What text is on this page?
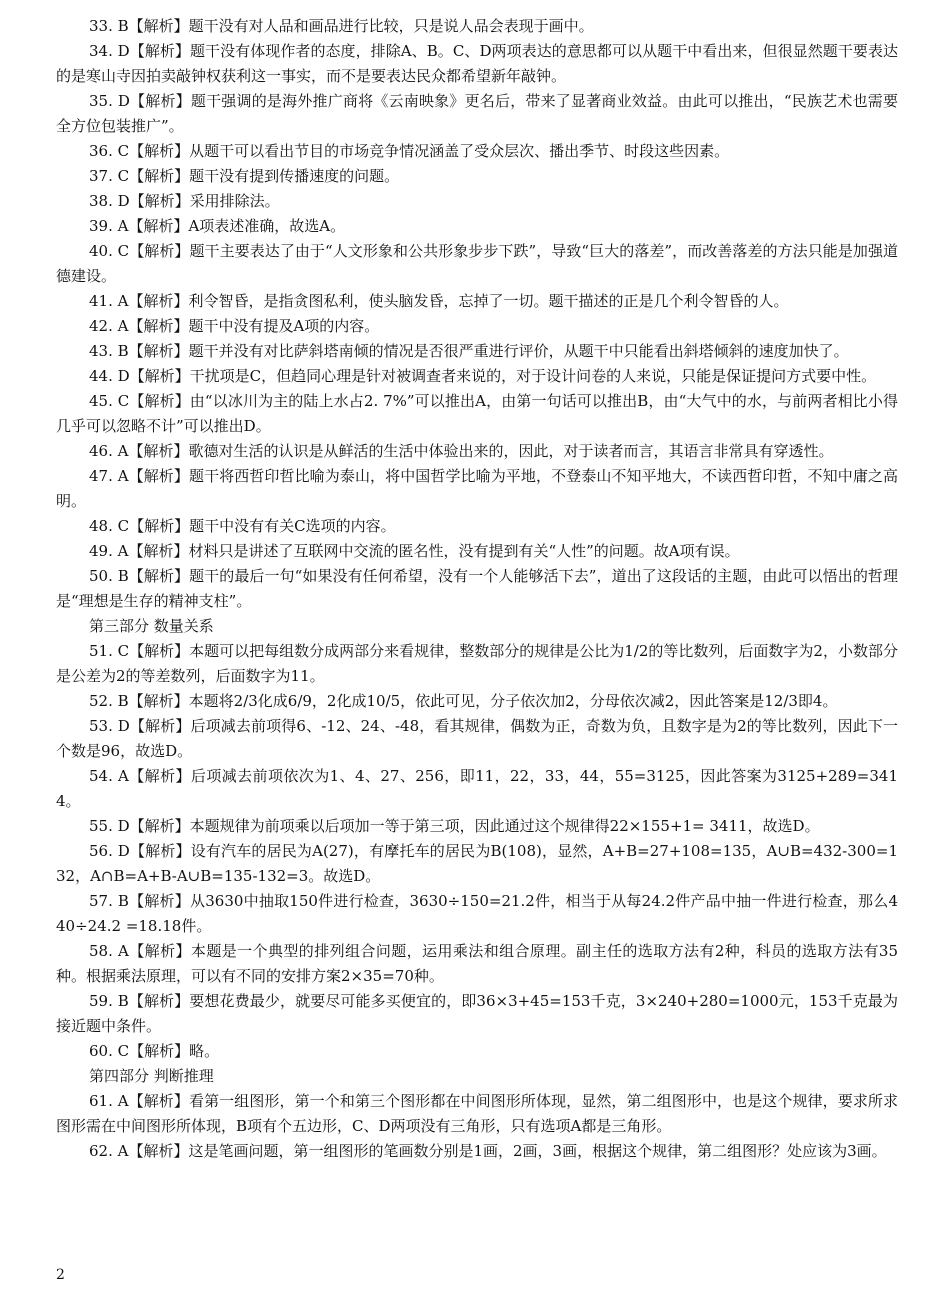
33. B【解析】题干没有对人品和画品进行比较，只是说人品会表现于画中。

34. D【解析】题干没有体现作者的态度，排除A、B。C、D两项表达的意思都可以从题干中看出来，但很显然题干要表达的是寒山寺因拍卖敲钟权获利这一事实，而不是要表达民众都希望新年敲钟。

35. D【解析】题干强调的是海外推广商将《云南映象》更名后，带来了显著商业效益。由此可以推出，“民族艺术也需要全方位包装推广”。

36. C【解析】从题干可以看出节目的市场竞争情况涵盖了受众层次、播出季节、时段这些因素。

37. C【解析】题干没有提到传播速度的问题。

38. D【解析】采用排除法。

39. A【解析】A项表述准确，故选A。

40. C【解析】题干主要表达了由于“人文形象和公共形象步步下跌”，导致“巨大的落差”，而改善落差的方法只能是加强道德建设。

41. A【解析】利令智昏，是指贪图私利，使头脑发昏，忘掉了一切。题干描述的正是几个利令智昏的人。

42. A【解析】题干中没有提及A项的内容。

43. B【解析】题干并没有对比萨斜塔南倾的情况是否很严重进行评价，从题干中只能看出斜塔倾斜的速度加快了。

44. D【解析】干扰项是C，但趋同心理是针对被调查者来说的，对于设计问卷的人来说，只能是保证提问方式要中性。

45. C【解析】由“以冰川为主的陆上水占2. 7%”可以推出A，由第一句话可以推出B，由“大气中的水，与前两者相比小得几乎可以忽略不计”可以推出D。

46. A【解析】歌德对生活的认识是从鲜活的生活中体验出来的，因此，对于读者而言，其语言非常具有穿透性。

47. A【解析】题干将西哲印哲比喻为泰山，将中国哲学比喻为平地，不登泰山不知平地大，不读西哲印哲，不知中庸之高明。

48. C【解析】题干中没有有关C选项的内容。

49. A【解析】材料只是讲述了互联网中交流的匿名性，没有提到有关“人性”的问题。故A项有误。

50. B【解析】题干的最后一句“如果没有任何希望，没有一个人能够活下去”，道出了这段话的主题，由此可以悟出的哲理是“理想是生存的精神支柱”。

第三部分 数量关系

51. C【解析】本题可以把每组数分成两部分来看规律，整数部分的规律是公比为1/2的等比数列，后面数字为2，小数部分是公差为2的等差数列，后面数字为11。

52. B【解析】本题将2/3化成6/9，2化成10/5，依此可见，分子依次加2，分母依次减2，因此答案是12/3即4。

53. D【解析】后项减去前项得6、-12、24、-48，看其规律，偶数为正，奇数为负，且数字是为2的等比数列，因此下一个数是96，故选D。

54. A【解析】后项减去前项依次为1、4、27、256，即11，22，33，44，55=3125，因此答案为3125+289=3414。

55. D【解析】本题规律为前项乘以后项加一等于第三项，因此通过这个规律得22×155+1= 3411，故选D。

56. D【解析】设有汽车的居民为A(27)，有摩托车的居民为B(108)，显然，A+B=27+108=135，A∪B=432-300=132，A∩B=A+B-A∪B=135-132=3。故选D。

57. B【解析】从3630中抽取150件进行检查，3630÷150=21.2件，相当于从每24.2件产品中抽一件进行检查，那么440÷24.2 =18.18件。

58. A【解析】本题是一个典型的排列组合问题，运用乘法和组合原理。副主任的选取方法有2种，科员的选取方法有35种。根据乘法原理，可以有不同的安排方案2×35=70种。

59. B【解析】要想花费最少，就要尽可能多买便宜的，即36×3+45=153千克，3×240+280=1000元，153千克最为接近题中条件。

60. C【解析】略。

第四部分 判断推理

61. A【解析】看第一组图形，第一个和第三个图形都在中间图形所体现，显然，第二组图形中，也是这个规律，要求所求图形需在中间图形所体现，B项有个五边形，C、D两项没有三角形，只有选项A都是三角形。

62. A【解析】这是笔画问题，第一组图形的笔画数分别是1画，2画，3画，根据这个规律，第二组图形？处应该为3画。

2
